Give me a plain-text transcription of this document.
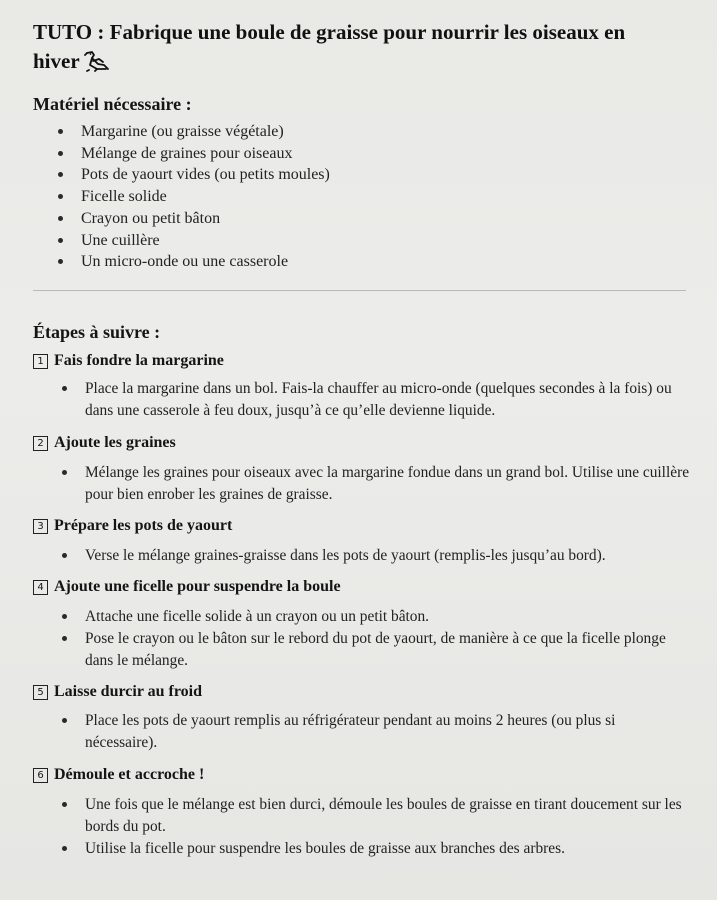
TUTO : Fabrique une boule de graisse pour nourrir les oiseaux en hiver
Matériel nécessaire :
Margarine (ou graisse végétale)
Mélange de graines pour oiseaux
Pots de yaourt vides (ou petits moules)
Ficelle solide
Crayon ou petit bâton
Une cuillère
Un micro-onde ou une casserole
Étapes à suivre :
1 Fais fondre la margarine
Place la margarine dans un bol. Fais-la chauffer au micro-onde (quelques secondes à la fois) ou dans une casserole à feu doux, jusqu’à ce qu’elle devienne liquide.
2 Ajoute les graines
Mélange les graines pour oiseaux avec la margarine fondue dans un grand bol. Utilise une cuillère pour bien enrober les graines de graisse.
3 Prépare les pots de yaourt
Verse le mélange graines-graisse dans les pots de yaourt (remplis-les jusqu’au bord).
4 Ajoute une ficelle pour suspendre la boule
Attache une ficelle solide à un crayon ou un petit bâton.
Pose le crayon ou le bâton sur le rebord du pot de yaourt, de manière à ce que la ficelle plonge dans le mélange.
5 Laisse durcir au froid
Place les pots de yaourt remplis au réfrigérateur pendant au moins 2 heures (ou plus si nécessaire).
6 Démoule et accroche !
Une fois que le mélange est bien durci, démoule les boules de graisse en tirant doucement sur les bords du pot.
Utilise la ficelle pour suspendre les boules de graisse aux branches des arbres.
